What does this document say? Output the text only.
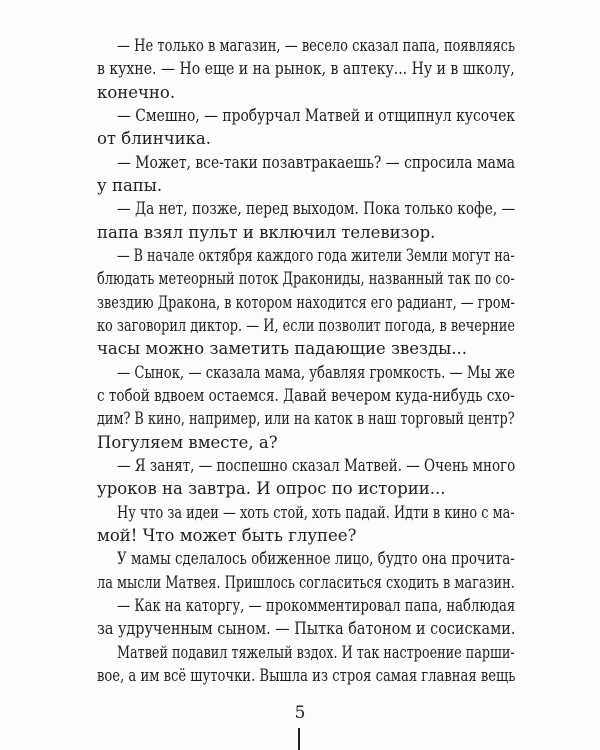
— Не только в магазин, — весело сказал папа, появляясь
в кухне. — Но еще и на рынок, в аптеку... Ну и в школу,
конечно.
— Смешно, — пробурчал Матвей и отщипнул кусочек
от блинчика.
— Может, все-таки позавтракаешь? — спросила мама
у папы.
— Да нет, позже, перед выходом. Пока только кофе, —
папа взял пульт и включил телевизор.
— В начале октября каждого года жители Земли могут на-
блюдать метеорный поток Дракониды, названный так по со-
звездию Дракона, в котором находится его радиант, — гром-
ко заговорил диктор. — И, если позволит погода, в вечерние
часы можно заметить падающие звезды...
— Сынок, — сказала мама, убавляя громкость. — Мы же
с тобой вдвоем остаемся. Давай вечером куда-нибудь схо-
дим? В кино, например, или на каток в наш торговый центр?
Погуляем вместе, а?
— Я занят, — поспешно сказал Матвей. — Очень много
уроков на завтра. И опрос по истории...
Ну что за идеи — хоть стой, хоть падай. Идти в кино с ма-
мой! Что может быть глупее?
У мамы сделалось обиженное лицо, будто она прочита-
ла мысли Матвея. Пришлось согласиться сходить в магазин.
— Как на каторгу, — прокомментировал папа, наблюдая
за удрученным сыном. — Пытка батоном и сосисками.
Матвей подавил тяжелый вздох. И так настроение парши-
вое, а им всё шуточки. Вышла из строя самая главная вещь
5
